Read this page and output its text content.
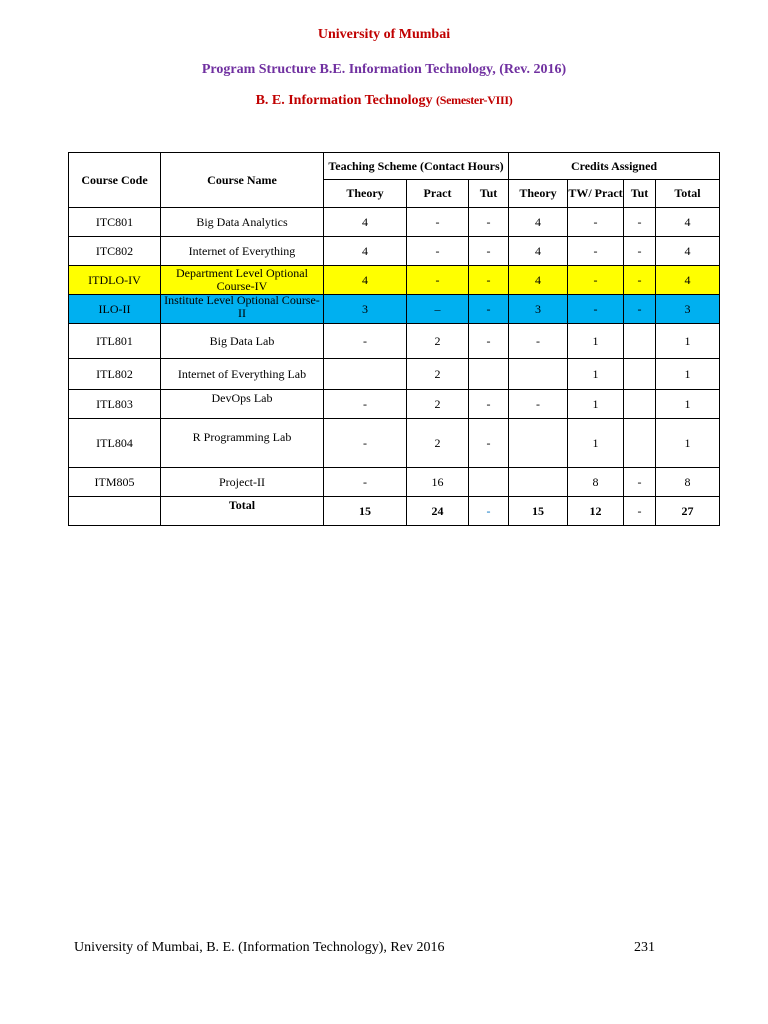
University of Mumbai
Program Structure B.E. Information Technology, (Rev. 2016)
B. E. Information Technology (Semester-VIII)
Course Code	Course Name	Teaching Scheme (Contact Hours)			Credits Assigned			
		Theory	Pract	Tut	Theory	TW/ Pract	Tut	Total
ITC801	Big Data Analytics	4	-	-	4	-	-	4
ITC802	Internet of Everything	4	-	-	4	-	-	4
ITDLO-IV	Department Level Optional Course-IV	4	-	-	4	-	-	4
ILO-II	Institute Level Optional Course-II	3	–	-	3	-	-	3
ITL801	Big Data Lab	-	2	-	-	1		1
ITL802	Internet of Everything Lab		2			1		1
ITL803	DevOps Lab	-	2	-	-	1		1
ITL804	R Programming Lab	-	2	-		1		1
ITM805	Project-II	-	16			8	-	8
	Total	15	24	-	15	12	-	27
University of Mumbai, B. E. (Information Technology), Rev 2016	231
